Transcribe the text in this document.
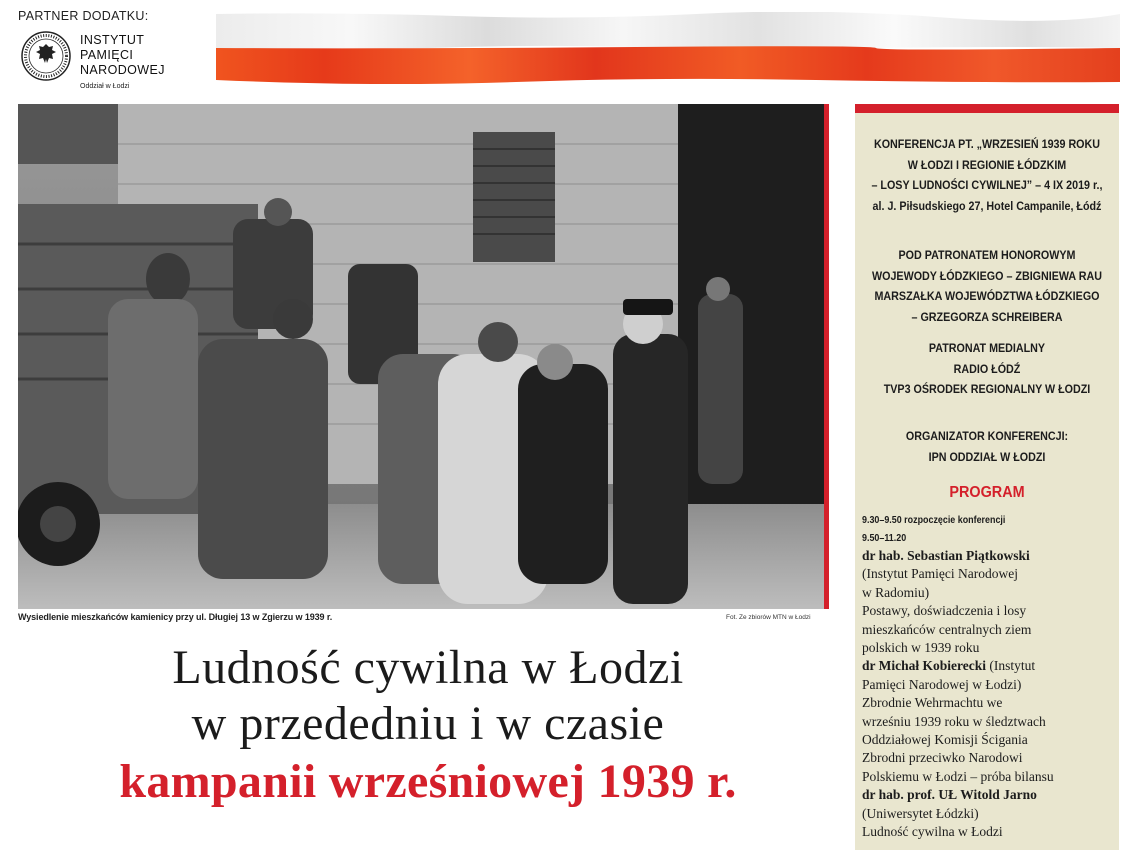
PARTNER DODATKU:
INSTYTUT
PAMIĘCI
NARODOWEJ
Oddział w Łodzi
Wysiedlenie mieszkańców kamienicy przy ul. Długiej 13 w Zgierzu w 1939 r.	Fot. Ze zbiorów MTN w Łodzi
Ludność cywilna w Łodzi
w przededniu i w czasie
kampanii wrześniowej 1939 r.
KONFERENCJA PT. „WRZESIEŃ 1939 ROKU
W ŁODZI I REGIONIE ŁÓDZKIM
– LOSY LUDNOŚCI CYWILNEJ” – 4 IX 2019 r.,
al. J. Piłsudskiego 27, Hotel Campanile, Łódź
POD PATRONATEM HONOROWYM
WOJEWODY ŁÓDZKIEGO – ZBIGNIEWA RAU
MARSZAŁKA WOJEWÓDZTWA ŁÓDZKIEGO
– GRZEGORZA SCHREIBERA
PATRONAT MEDIALNY
RADIO ŁÓDŹ
TVP3 OŚRODEK REGIONALNY W ŁODZI
ORGANIZATOR KONFERENCJI:
IPN ODDZIAŁ W ŁODZI
PROGRAM
9.30–9.50 rozpoczęcie konferencji
9.50–11.20
dr hab. Sebastian Piątkowski
(Instytut Pamięci Narodowej
w Radomiu)
Postawy, doświadczenia i losy
mieszkańców centralnych ziem
polskich w 1939 roku
dr Michał Kobierecki (Instytut
Pamięci Narodowej w Łodzi)
Zbrodnie Wehrmachtu we
wrześniu 1939 roku w śledztwach
Oddziałowej Komisji Ścigania
Zbrodni przeciwko Narodowi
Polskiemu w Łodzi – próba bilansu
dr hab. prof. UŁ Witold Jarno
(Uniwersytet Łódzki)
Ludność cywilna w Łodzi
